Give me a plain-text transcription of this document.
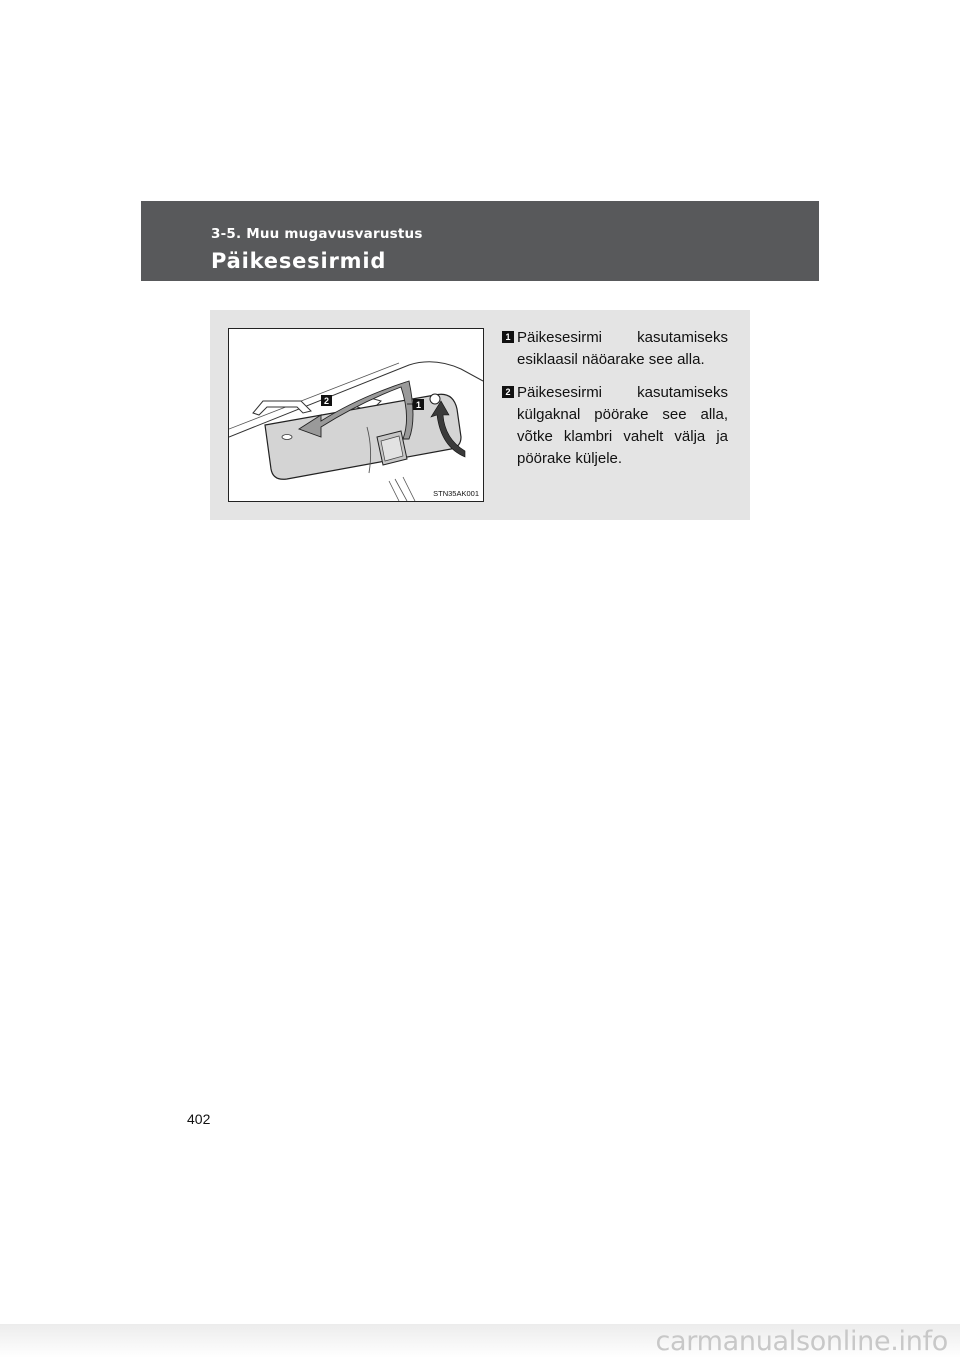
3-5. Muu mugavusvarustus
Päikesesirmid
2	1
STN35AK001
1 Päikesesirmi kasutamiseks esiklaasil näöarake see alla.
2 Päikesesirmi kasutamiseks külgaknal pöörake see alla, võtke klambri vahelt välja ja pöörake küljele.
402
carmanualsonline.info
